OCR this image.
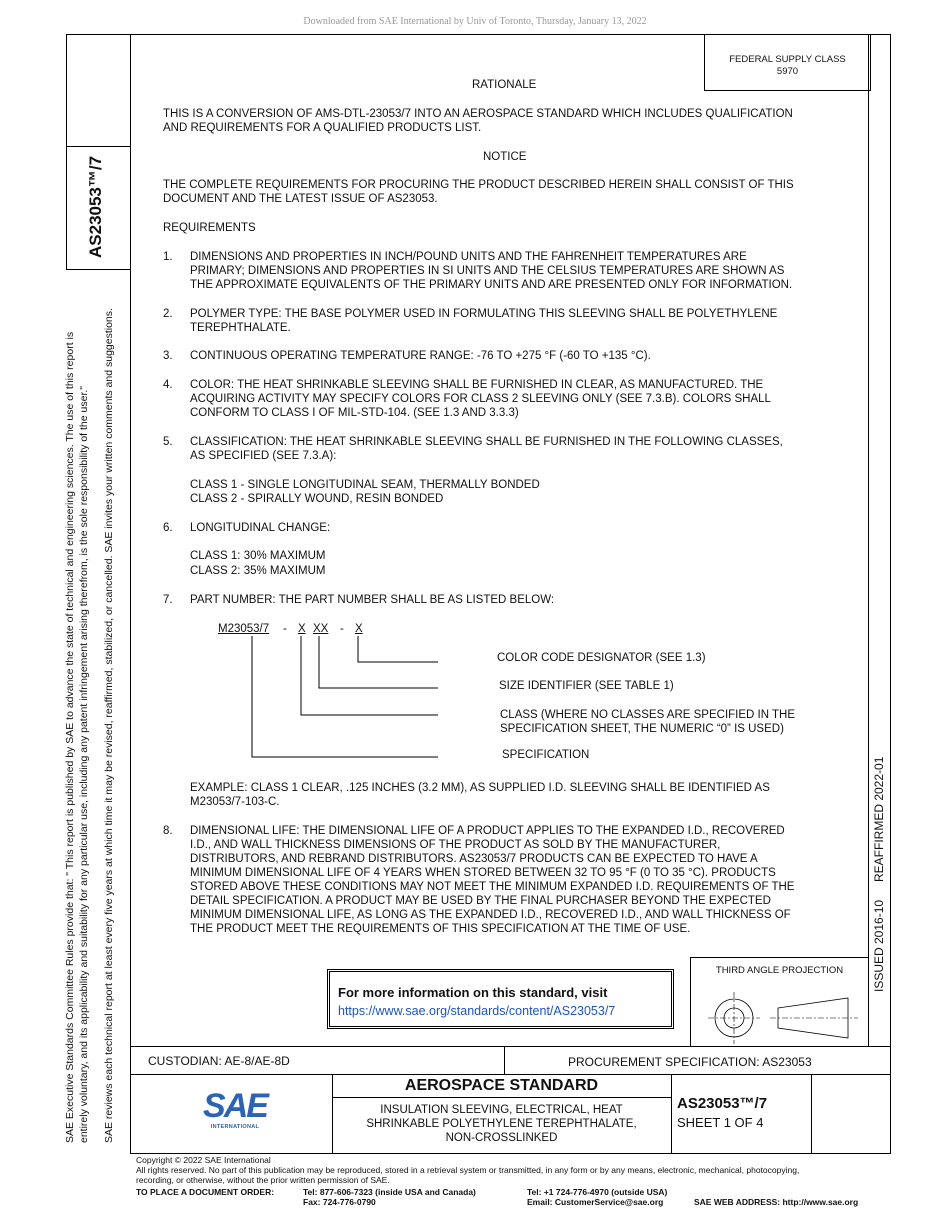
Downloaded from SAE International by Univ of Toronto, Thursday, January 13, 2022
AS23053™/7
FEDERAL SUPPLY CLASS
5970
SAE Executive Standards Committee Rules provide that: " This report is published by SAE to advance the state of technical and engineering sciences. The use of this report is entirely voluntary, and its applicability and suitability for any particular use, including any patent infringement arising therefrom, is the sole responsibility of the user." SAE reviews each technical report at least every five years at which time it may be revised, reaffirmed, stabilized, or cancelled. SAE invites your written comments and suggestions.	ISSUED 2016-10
REAFFIRMED 2022-01
RATIONALE
THIS IS A CONVERSION OF AMS-DTL-23053/7 INTO AN AEROSPACE STANDARD WHICH INCLUDES QUALIFICATION
AND REQUIREMENTS FOR A QUALIFIED PRODUCTS LIST.
NOTICE
THE COMPLETE REQUIREMENTS FOR PROCURING THE PRODUCT DESCRIBED HEREIN SHALL CONSIST OF THIS
DOCUMENT AND THE LATEST ISSUE OF AS23053.
REQUIREMENTS
1. DIMENSIONS AND PROPERTIES IN INCH/POUND UNITS AND THE FAHRENHEIT TEMPERATURES ARE
PRIMARY; DIMENSIONS AND PROPERTIES IN SI UNITS AND THE CELSIUS TEMPERATURES ARE SHOWN AS
THE APPROXIMATE EQUIVALENTS OF THE PRIMARY UNITS AND ARE PRESENTED ONLY FOR INFORMATION.
2. POLYMER TYPE: THE BASE POLYMER USED IN FORMULATING THIS SLEEVING SHALL BE POLYETHYLENE
TEREPHTHALATE.
3. CONTINUOUS OPERATING TEMPERATURE RANGE: -76 TO +275 °F (-60 TO +135 °C).
4. COLOR: THE HEAT SHRINKABLE SLEEVING SHALL BE FURNISHED IN CLEAR, AS MANUFACTURED. THE
ACQUIRING ACTIVITY MAY SPECIFY COLORS FOR CLASS 2 SLEEVING ONLY (SEE 7.3.B). COLORS SHALL
CONFORM TO CLASS I OF MIL-STD-104. (SEE 1.3 AND 3.3.3)
5. CLASSIFICATION: THE HEAT SHRINKABLE SLEEVING SHALL BE FURNISHED IN THE FOLLOWING CLASSES,
AS SPECIFIED (SEE 7.3.A):
CLASS 1 - SINGLE LONGITUDINAL SEAM, THERMALLY BONDED
CLASS 2 - SPIRALLY WOUND, RESIN BONDED
6. LONGITUDINAL CHANGE:
CLASS 1: 30% MAXIMUM
CLASS 2: 35% MAXIMUM
7. PART NUMBER: THE PART NUMBER SHALL BE AS LISTED BELOW:
M23053/7 - X XX - X
COLOR CODE DESIGNATOR (SEE 1.3)
SIZE IDENTIFIER (SEE TABLE 1)
CLASS (WHERE NO CLASSES ARE SPECIFIED IN THE
SPECIFICATION SHEET, THE NUMERIC “0” IS USED)
SPECIFICATION
EXAMPLE: CLASS 1 CLEAR, .125 INCHES (3.2 MM), AS SUPPLIED I.D. SLEEVING SHALL BE IDENTIFIED AS
M23053/7-103-C.
8. DIMENSIONAL LIFE: THE DIMENSIONAL LIFE OF A PRODUCT APPLIES TO THE EXPANDED I.D., RECOVERED
I.D., AND WALL THICKNESS DIMENSIONS OF THE PRODUCT AS SOLD BY THE MANUFACTURER,
DISTRIBUTORS, AND REBRAND DISTRIBUTORS. AS23053/7 PRODUCTS CAN BE EXPECTED TO HAVE A
MINIMUM DIMENSIONAL LIFE OF 4 YEARS WHEN STORED BETWEEN 32 TO 95 °F (0 TO 35 °C). PRODUCTS
STORED ABOVE THESE CONDITIONS MAY NOT MEET THE MINIMUM EXPANDED I.D. REQUIREMENTS OF THE
DETAIL SPECIFICATION. A PRODUCT MAY BE USED BY THE FINAL PURCHASER BEYOND THE EXPECTED
MINIMUM DIMENSIONAL LIFE, AS LONG AS THE EXPANDED I.D., RECOVERED I.D., AND WALL THICKNESS OF
THE PRODUCT MEET THE REQUIREMENTS OF THIS SPECIFICATION AT THE TIME OF USE.
For more information on this standard, visit
https://www.sae.org/standards/content/AS23053/7
THIRD ANGLE PROJECTION
CUSTODIAN: AE-8/AE-8D	PROCUREMENT SPECIFICATION: AS23053
SAE
INTERNATIONAL
AEROSPACE STANDARD
INSULATION SLEEVING, ELECTRICAL, HEAT
SHRINKABLE POLYETHYLENE TEREPHTHALATE,
NON-CROSSLINKED
AS23053™/7
SHEET 1 OF 4
Copyright © 2022 SAE International
All rights reserved. No part of this publication may be reproduced, stored in a retrieval system or transmitted, in any form or by any means, electronic, mechanical, photocopying,
recording, or otherwise, without the prior written permission of SAE.
TO PLACE A DOCUMENT ORDER:	Tel: 877-606-7323 (inside USA and Canada)
Fax: 724-776-0790
Tel: +1 724-776-4970 (outside USA)
Email: CustomerService@sae.org	SAE WEB ADDRESS: http://www.sae.org
